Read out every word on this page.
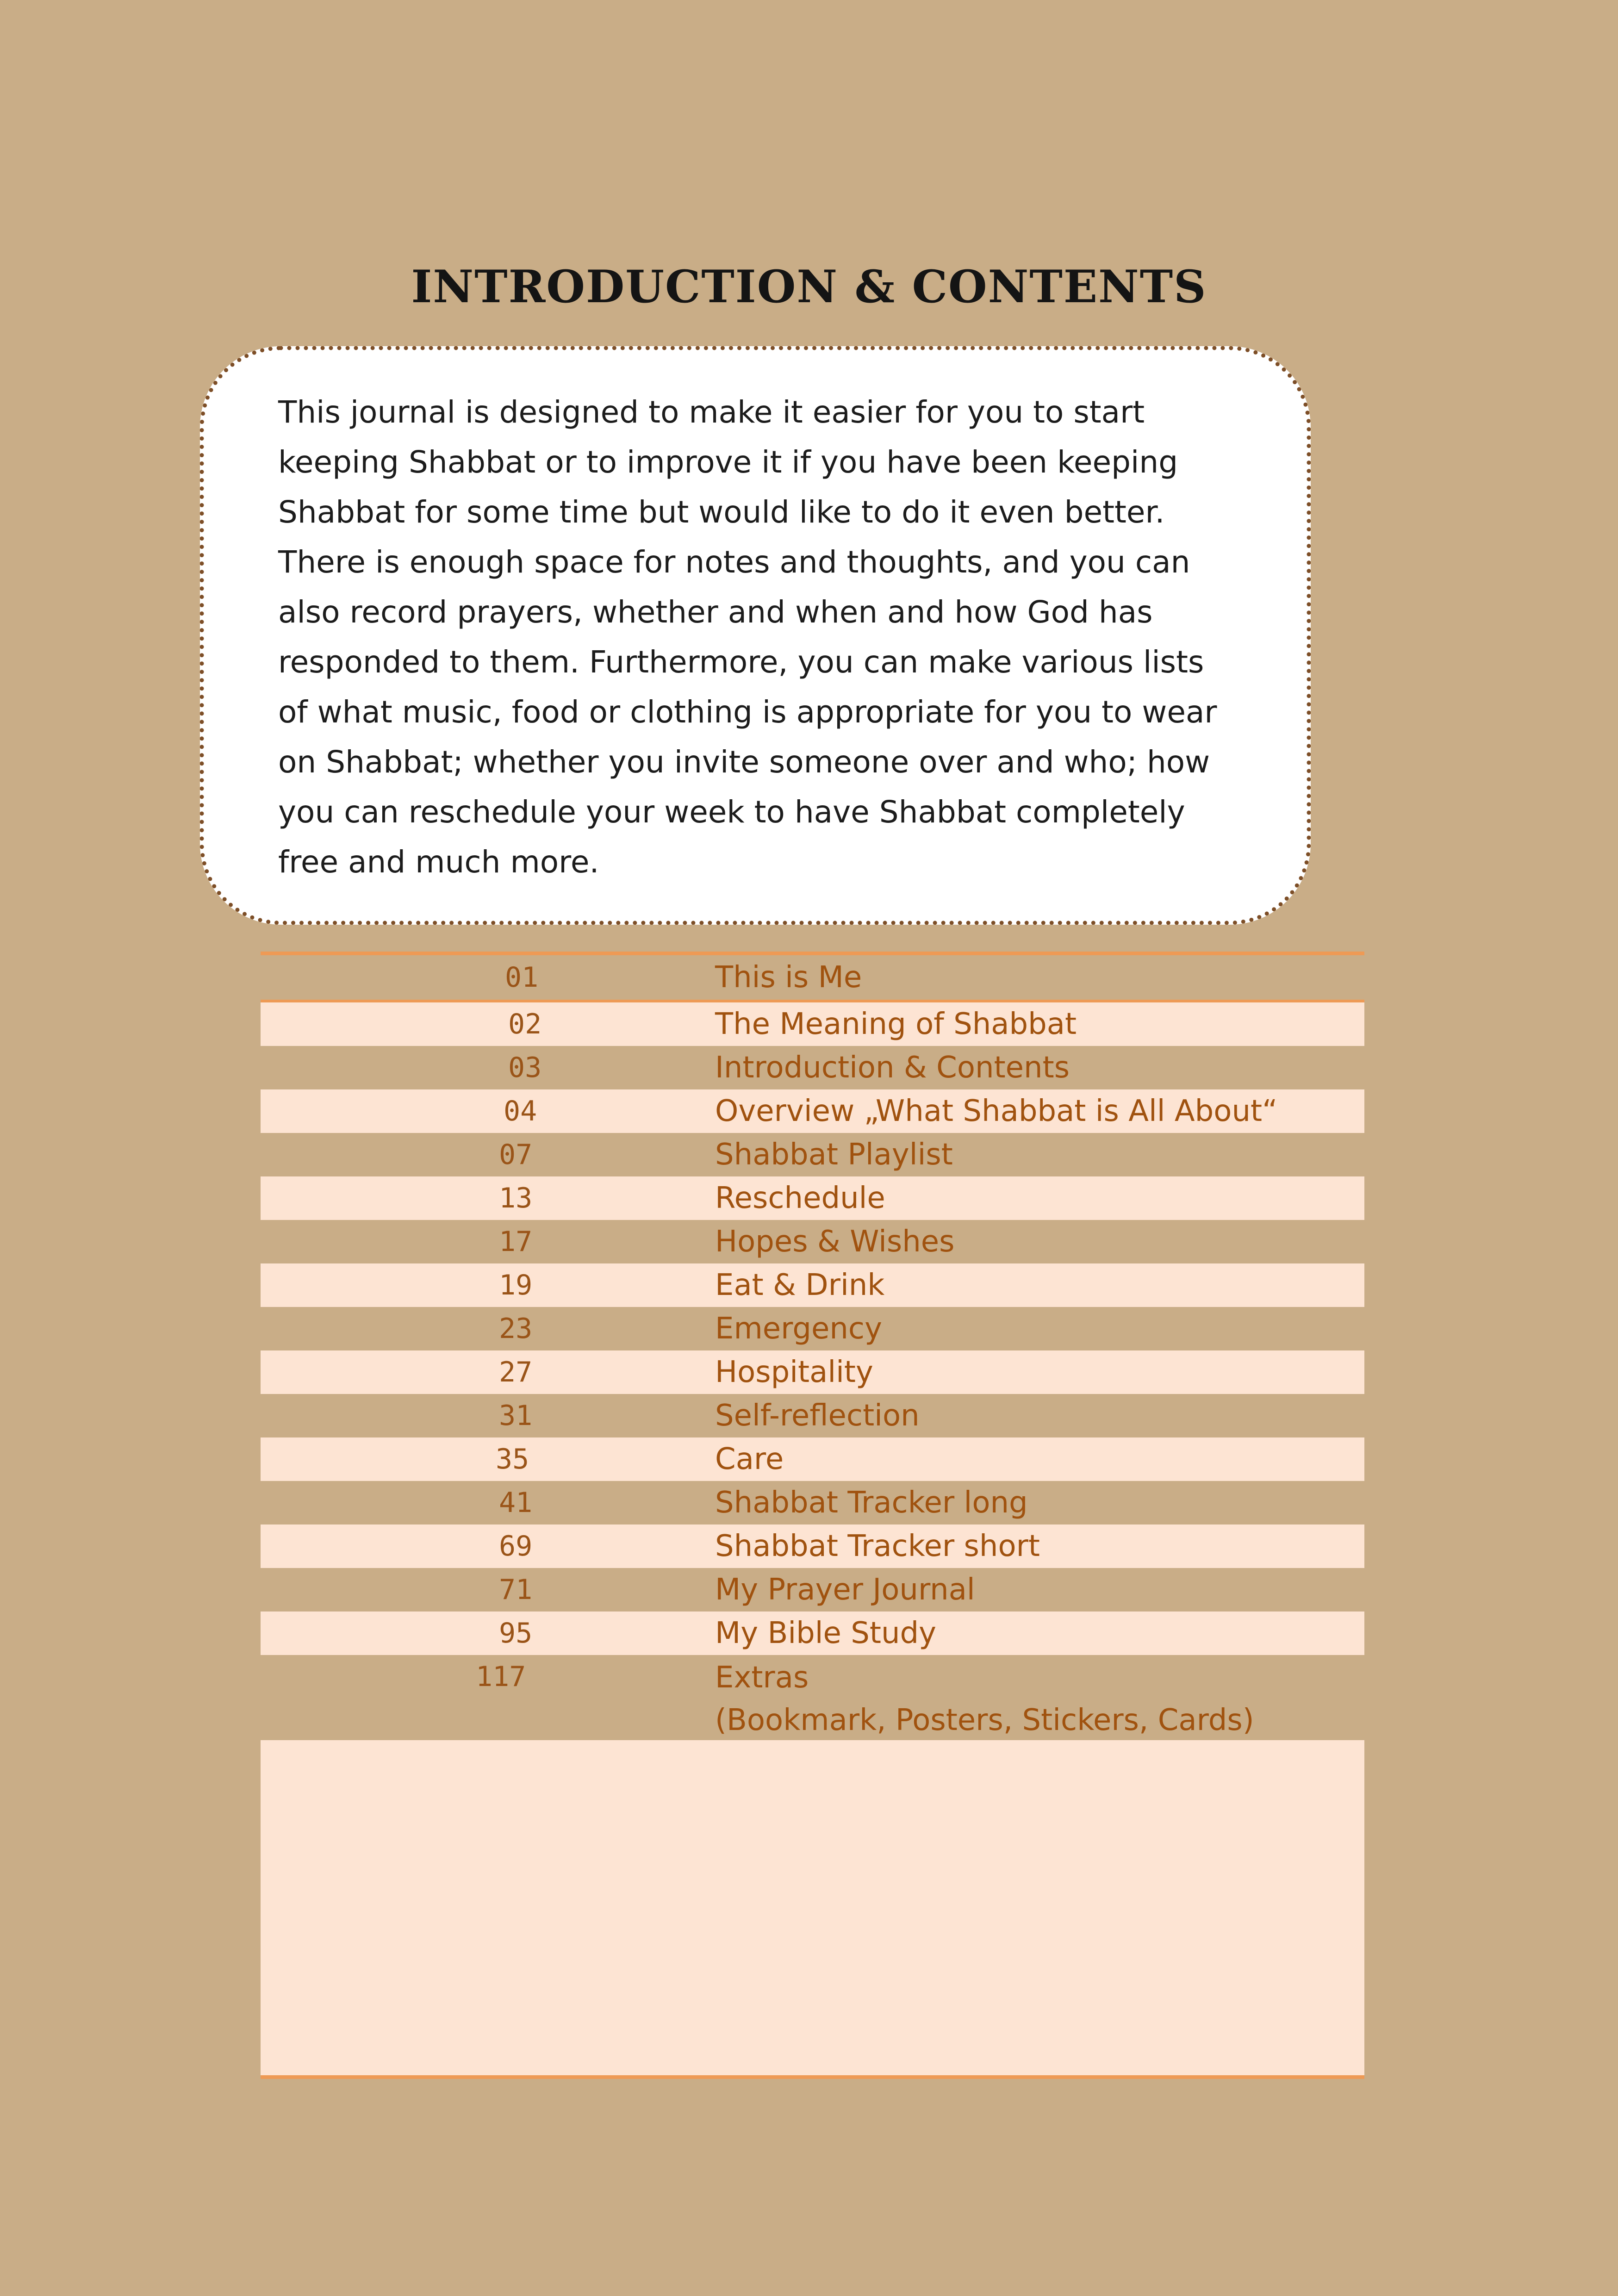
INTRODUCTION & CONTENTS

This journal is designed to make it easier for you to start keeping Shabbat or to improve it if you have been keeping Shabbat for some time but would like to do it even better. There is enough space for notes and thoughts, and you can also record prayers, whether and when and how God has responded to them. Furthermore, you can make various lists of what music, food or clothing is appropriate for you to wear on Shabbat; whether you invite someone over and who; how you can reschedule your week to have Shabbat completely free and much more.

01	This is Me
02	The Meaning of Shabbat
03	Introduction & Contents
04	Overview „What Shabbat is All About“
07	Shabbat Playlist
13	Reschedule
17	Hopes & Wishes
19	Eat & Drink
23	Emergency
27	Hospitality
31	Self-reflection
35	Care
41	Shabbat Tracker long
69	Shabbat Tracker short
71	My Prayer Journal
95	My Bible Study
117	Extras
(Bookmark, Posters, Stickers, Cards)
